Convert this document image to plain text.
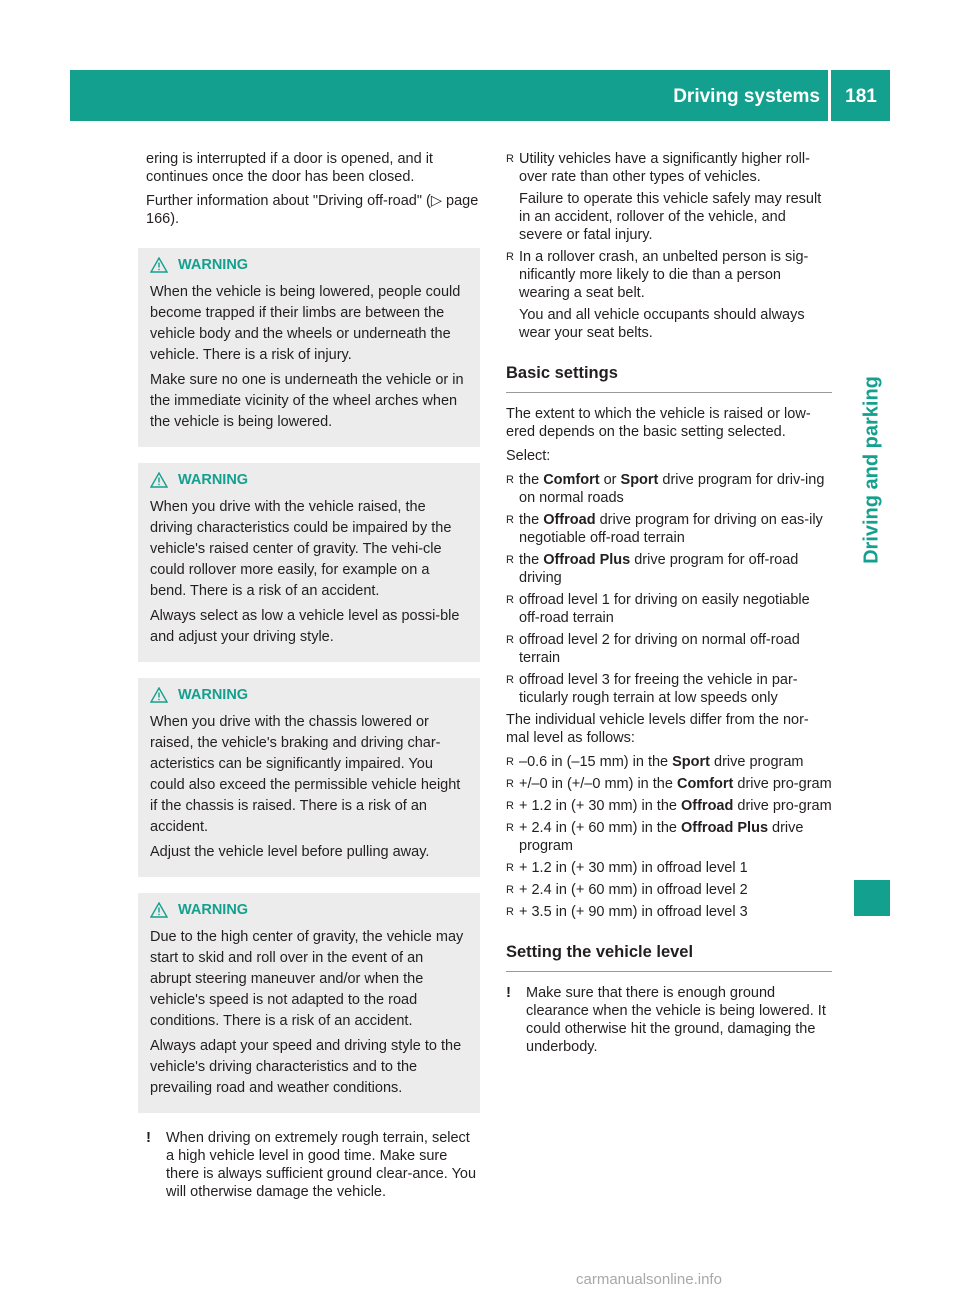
Driving systems	181
Driving and parking

ering is interrupted if a door is opened, and it continues once the door has been closed.

Further information about "Driving off-road" (▷ page 166).

WARNING

When the vehicle is being lowered, people could become trapped if their limbs are between the vehicle body and the wheels or underneath the vehicle. There is a risk of injury.

Make sure no one is underneath the vehicle or in the immediate vicinity of the wheel arches when the vehicle is being lowered.

WARNING

When you drive with the vehicle raised, the driving characteristics could be impaired by the vehicle's raised center of gravity. The vehi-cle could rollover more easily, for example on a bend. There is a risk of an accident.

Always select as low a vehicle level as possi-ble and adjust your driving style.

WARNING

When you drive with the chassis lowered or raised, the vehicle's braking and driving char-acteristics can be significantly impaired. You could also exceed the permissible vehicle height if the chassis is raised. There is a risk of an accident.

Adjust the vehicle level before pulling away.

WARNING

Due to the high center of gravity, the vehicle may start to skid and roll over in the event of an abrupt steering maneuver and/or when the vehicle's speed is not adapted to the road conditions. There is a risk of an accident.

Always adapt your speed and driving style to the vehicle's driving characteristics and to the prevailing road and weather conditions.

!	When driving on extremely rough terrain, select a high vehicle level in good time. Make sure there is always sufficient ground clear-ance. You will otherwise damage the vehicle.
R Utility vehicles have a significantly higher roll-over rate than other types of vehicles.
Failure to operate this vehicle safely may result in an accident, rollover of the vehicle, and severe or fatal injury.
R In a rollover crash, an unbelted person is sig-nificantly more likely to die than a person wearing a seat belt.
You and all vehicle occupants should always wear your seat belts.
Basic settings

The extent to which the vehicle is raised or low-ered depends on the basic setting selected.

Select:

R the Comfort or Sport drive program for driv-ing on normal roads
R the Offroad drive program for driving on eas-ily negotiable off-road terrain
R the Offroad Plus drive program for off-road driving
R offroad level 1 for driving on easily negotiable off-road terrain
R offroad level 2 for driving on normal off-road terrain
R offroad level 3 for freeing the vehicle in par-ticularly rough terrain at low speeds only

The individual vehicle levels differ from the nor-mal level as follows:

R –0.6 in (–15 mm) in the Sport drive program
R +/–0 in (+/–0 mm) in the Comfort drive pro-gram
R + 1.2 in (+ 30 mm) in the Offroad drive pro-gram
R + 2.4 in (+ 60 mm) in the Offroad Plus drive program
R + 1.2 in (+ 30 mm) in offroad level 1
R + 2.4 in (+ 60 mm) in offroad level 2
R + 3.5 in (+ 90 mm) in offroad level 3
Setting the vehicle level
!	Make sure that there is enough ground clearance when the vehicle is being lowered. It could otherwise hit the ground, damaging the underbody.
carmanualsonline.info
